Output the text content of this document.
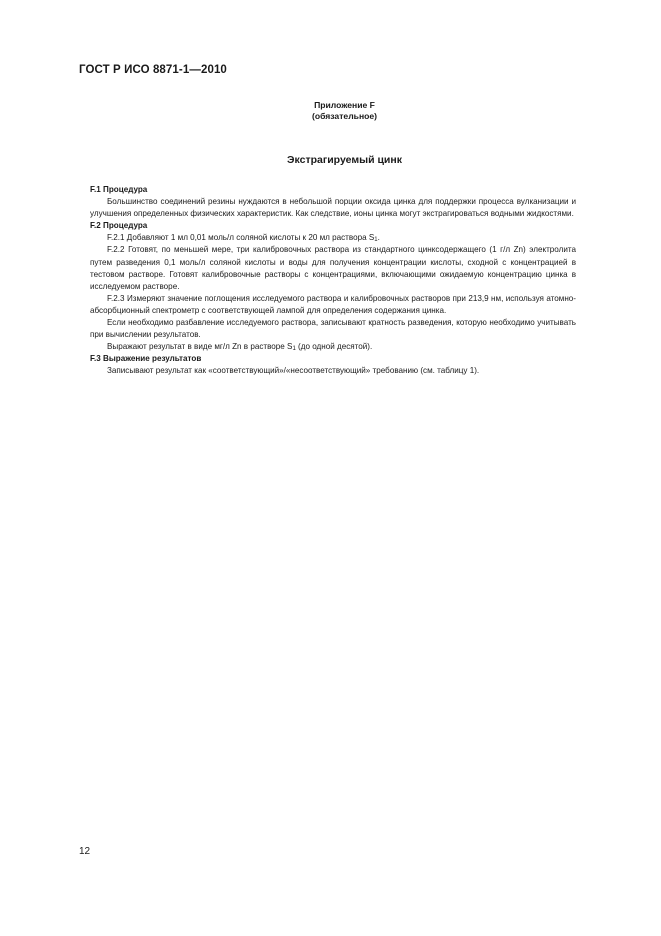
ГОСТ Р ИСО 8871-1—2010
Приложение F
(обязательное)
Экстрагируемый цинк

F.1 Процедура

Большинство соединений резины нуждаются в небольшой порции оксида цинка для поддержки процесса вулканизации и улучшения определенных физических характеристик. Как следствие, ионы цинка могут экстрагироваться водными жидкостями.

F.2 Процедура

F.2.1 Добавляют 1 мл 0,01 моль/л соляной кислоты к 20 мл раствора $S_1$.

F.2.2 Готовят, по меньшей мере, три калибровочных раствора из стандартного цинксодержащего (1 г/л Zn) электролита путем разведения 0,1 моль/л соляной кислоты и воды для получения концентрации кислоты, сходной с концентрацией в тестовом растворе. Готовят калибровочные растворы с концентрациями, включающими ожидаемую концентрацию цинка в исследуемом растворе.

F.2.3 Измеряют значение поглощения исследуемого раствора и калибровочных растворов при 213,9 нм, используя атомно-абсорбционный спектрометр с соответствующей лампой для определения содержания цинка.

Если необходимо разбавление исследуемого раствора, записывают кратность разведения, которую необходимо учитывать при вычислении результатов.

Выражают результат в виде мг/л Zn в растворе $S_1$ (до одной десятой).

F.3 Выражение результатов

Записывают результат как «соответствующий»/«несоответствующий» требованию (см. таблицу 1).

12
